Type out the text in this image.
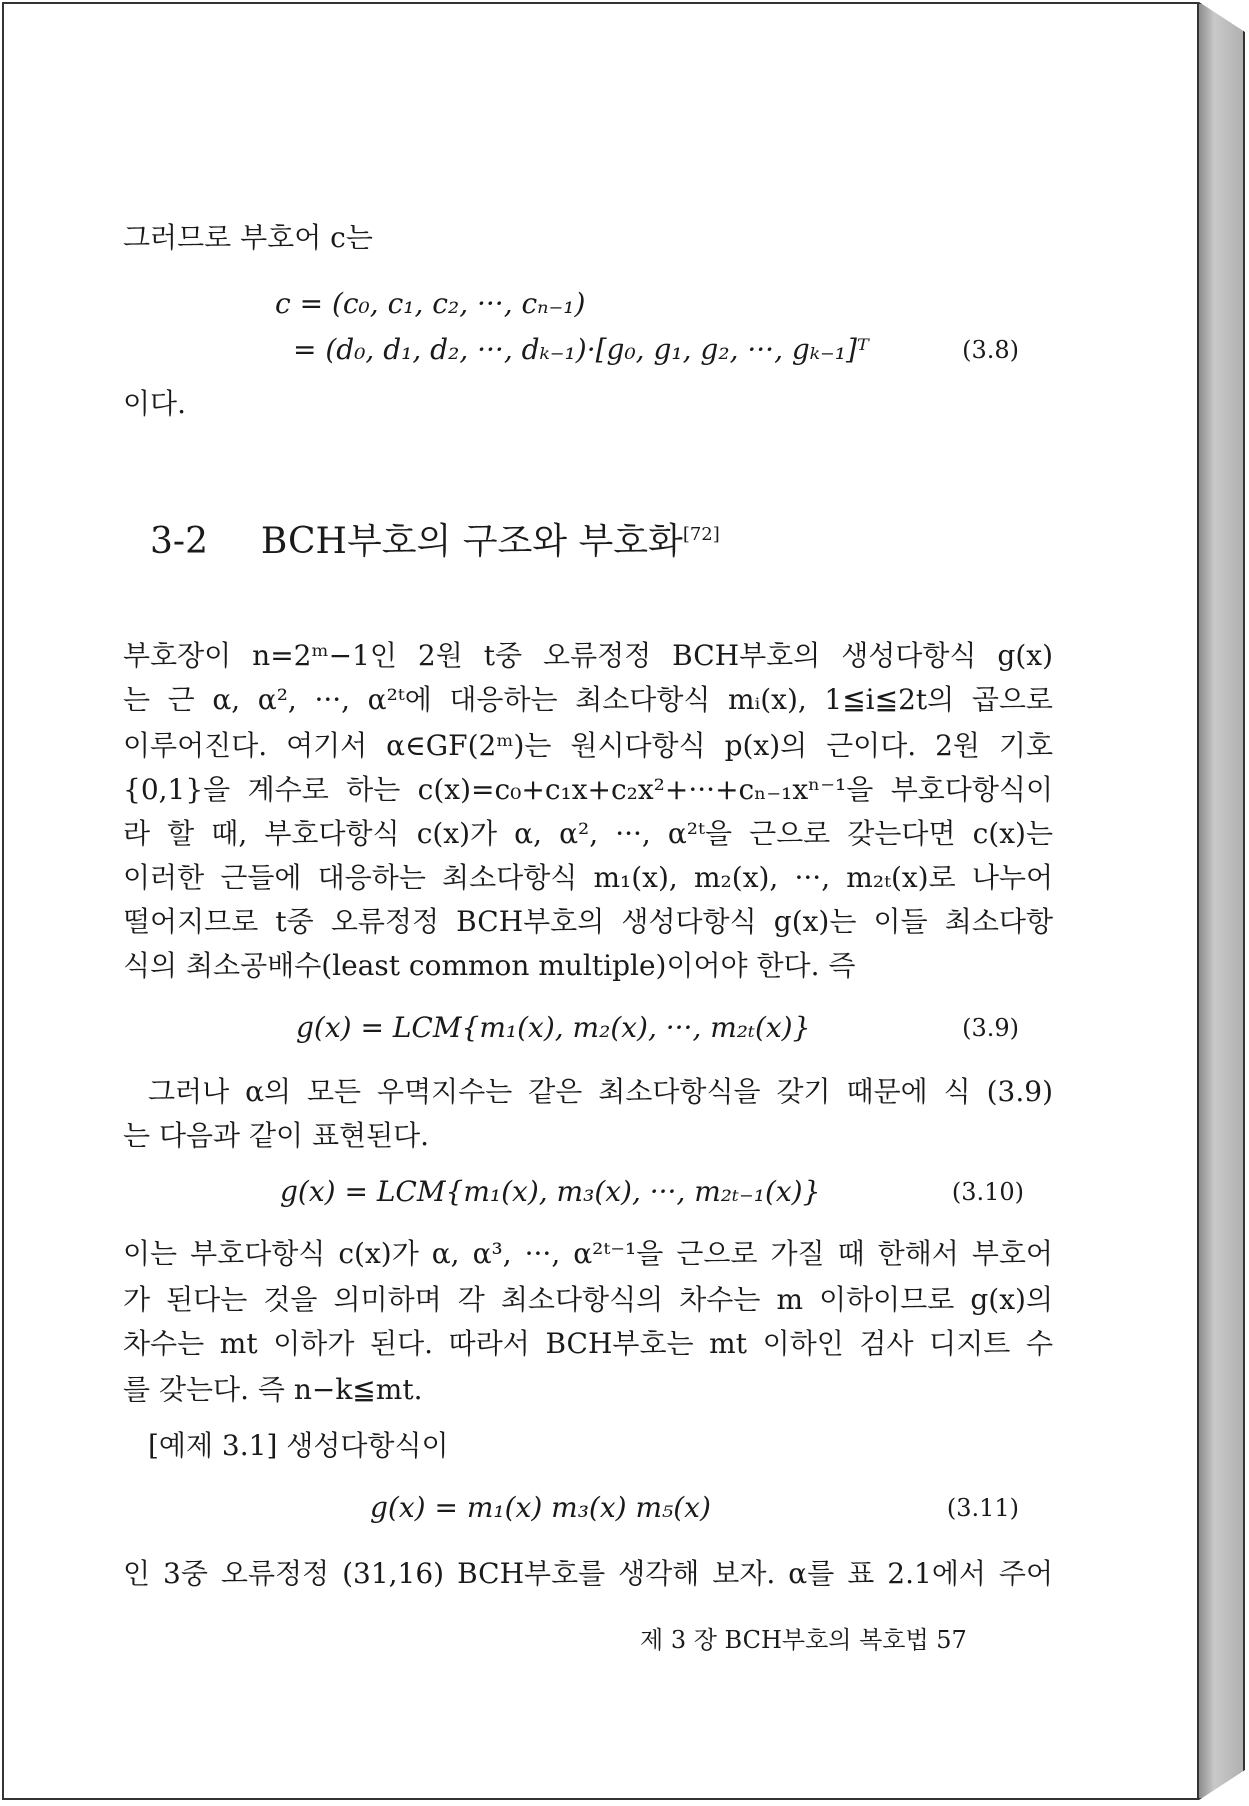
그러므로 부호어 c는
c = (c₀, c₁, c₂, ···, cₙ₋₁)
= (d₀, d₁, d₂, ···, dₖ₋₁)·[g₀, g₁, g₂, ···, gₖ₋₁]ᵀ	(3.8)
이다.
3-2 BCH부호의 구조와 부호화[72]
부호장이 n=2ᵐ−1인 2원 t중 오류정정 BCH부호의 생성다항식 g(x)
는 근 α, α², ···, α²ᵗ에 대응하는 최소다항식 mᵢ(x), 1≦i≦2t의 곱으로
이루어진다. 여기서 α∈GF(2ᵐ)는 원시다항식 p(x)의 근이다. 2원 기호
{0,1}을 계수로 하는 c(x)=c₀+c₁x+c₂x²+···+cₙ₋₁xⁿ⁻¹을 부호다항식이
라 할 때, 부호다항식 c(x)가 α, α², ···, α²ᵗ을 근으로 갖는다면 c(x)는
이러한 근들에 대응하는 최소다항식 m₁(x), m₂(x), ···, m₂ₜ(x)로 나누어
떨어지므로 t중 오류정정 BCH부호의 생성다항식 g(x)는 이들 최소다항
식의 최소공배수(least common multiple)이어야 한다. 즉
g(x) = LCM{m₁(x), m₂(x), ···, m₂ₜ(x)}	(3.9)
그러나 α의 모든 우멱지수는 같은 최소다항식을 갖기 때문에 식 (3.9)
는 다음과 같이 표현된다.
g(x) = LCM{m₁(x), m₃(x), ···, m₂ₜ₋₁(x)}	(3.10)
이는 부호다항식 c(x)가 α, α³, ···, α²ᵗ⁻¹을 근으로 가질 때 한해서 부호어
가 된다는 것을 의미하며 각 최소다항식의 차수는 m 이하이므로 g(x)의
차수는 mt 이하가 된다. 따라서 BCH부호는 mt 이하인 검사 디지트 수
를 갖는다. 즉 n−k≦mt.
[예제 3.1] 생성다항식이
g(x) = m₁(x) m₃(x) m₅(x)	(3.11)
인 3중 오류정정 (31,16) BCH부호를 생각해 보자. α를 표 2.1에서 주어
제 3 장 BCH부호의 복호법 57
